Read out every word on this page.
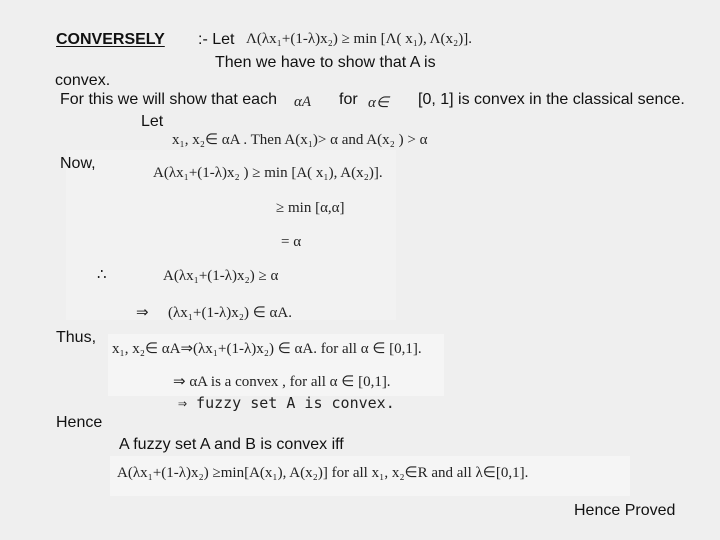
CONVERSELY :- Let Λ(λx₁+(1-λ)x₂) ≥ min [Λ( x₁), Λ(x₂)].
Then we have to show that A is
convex.
For this we will show that each αA for α∈ [0, 1] is convex in the classical sence.
Let
x₁, x₂∈ αA . Then A(x₁)> α and A(x₂ ) > α
Now,
A(λx₁+(1-λ)x₂ ) ≥ min [A( x₁), A(x₂)].
≥ min [α,α]
= α
∴	A(λx₁+(1-λ)x₂) ≥ α
⇒ (λx₁+(1-λ)x₂) ∈ αA.
Thus,
x₁, x₂∈ αA⇒(λx₁+(1-λ)x₂) ∈ αA. for all α ∈ [0,1].
⇒ αA is a convex , for all α ∈ [0,1].
⇒ fuzzy set A is convex.
Hence
A fuzzy set A and B is convex iff
A(λx₁+(1-λ)x₂) ≥min[A(x₁), A(x₂)] for all x₁, x₂∈R and all λ∈[0,1].
Hence Proved
